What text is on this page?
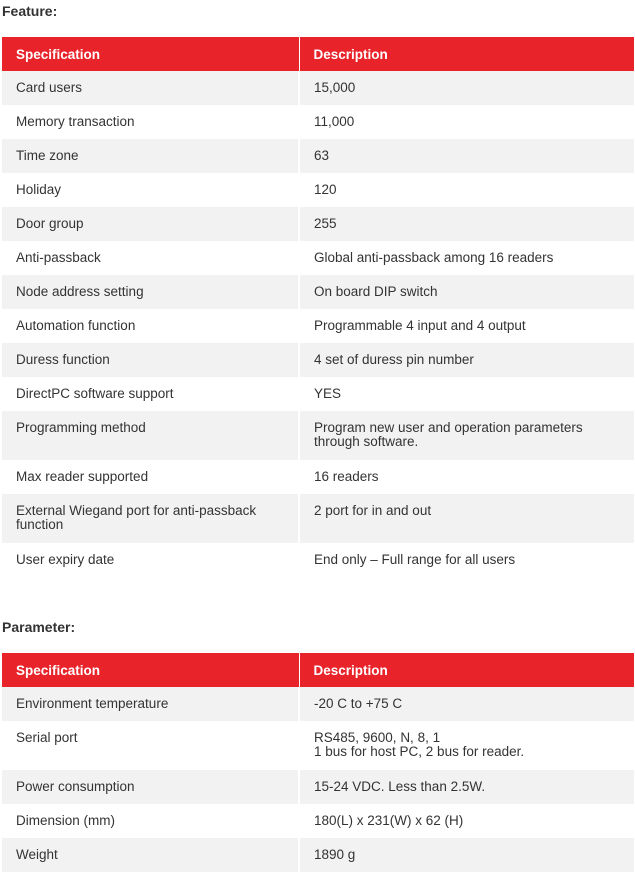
Feature:
Specification	Description
Card users	15,000

Memory transaction	11,000

Time zone	63

Holiday	120

Door group	255

Anti-passback	Global anti-passback among 16 readers

Node address setting	On board DIP switch

Automation function	Programmable 4 input and 4 output

Duress function	4 set of duress pin number

DirectPC software support	YES

Programming method	Program new user and operation parameters through software.

Max reader supported	16 readers

External Wiegand port for anti-passback function	2 port for in and out

User expiry date	End only – Full range for all users
Parameter:
Specification	Description
Environment temperature	-20 C to +75 C

Serial port	RS485, 9600, N, 8, 1
1 bus for host PC, 2 bus for reader.

Power consumption	15-24 VDC. Less than 2.5W.

Dimension (mm)	180(L) x 231(W) x 62 (H)

Weight	1890 g
